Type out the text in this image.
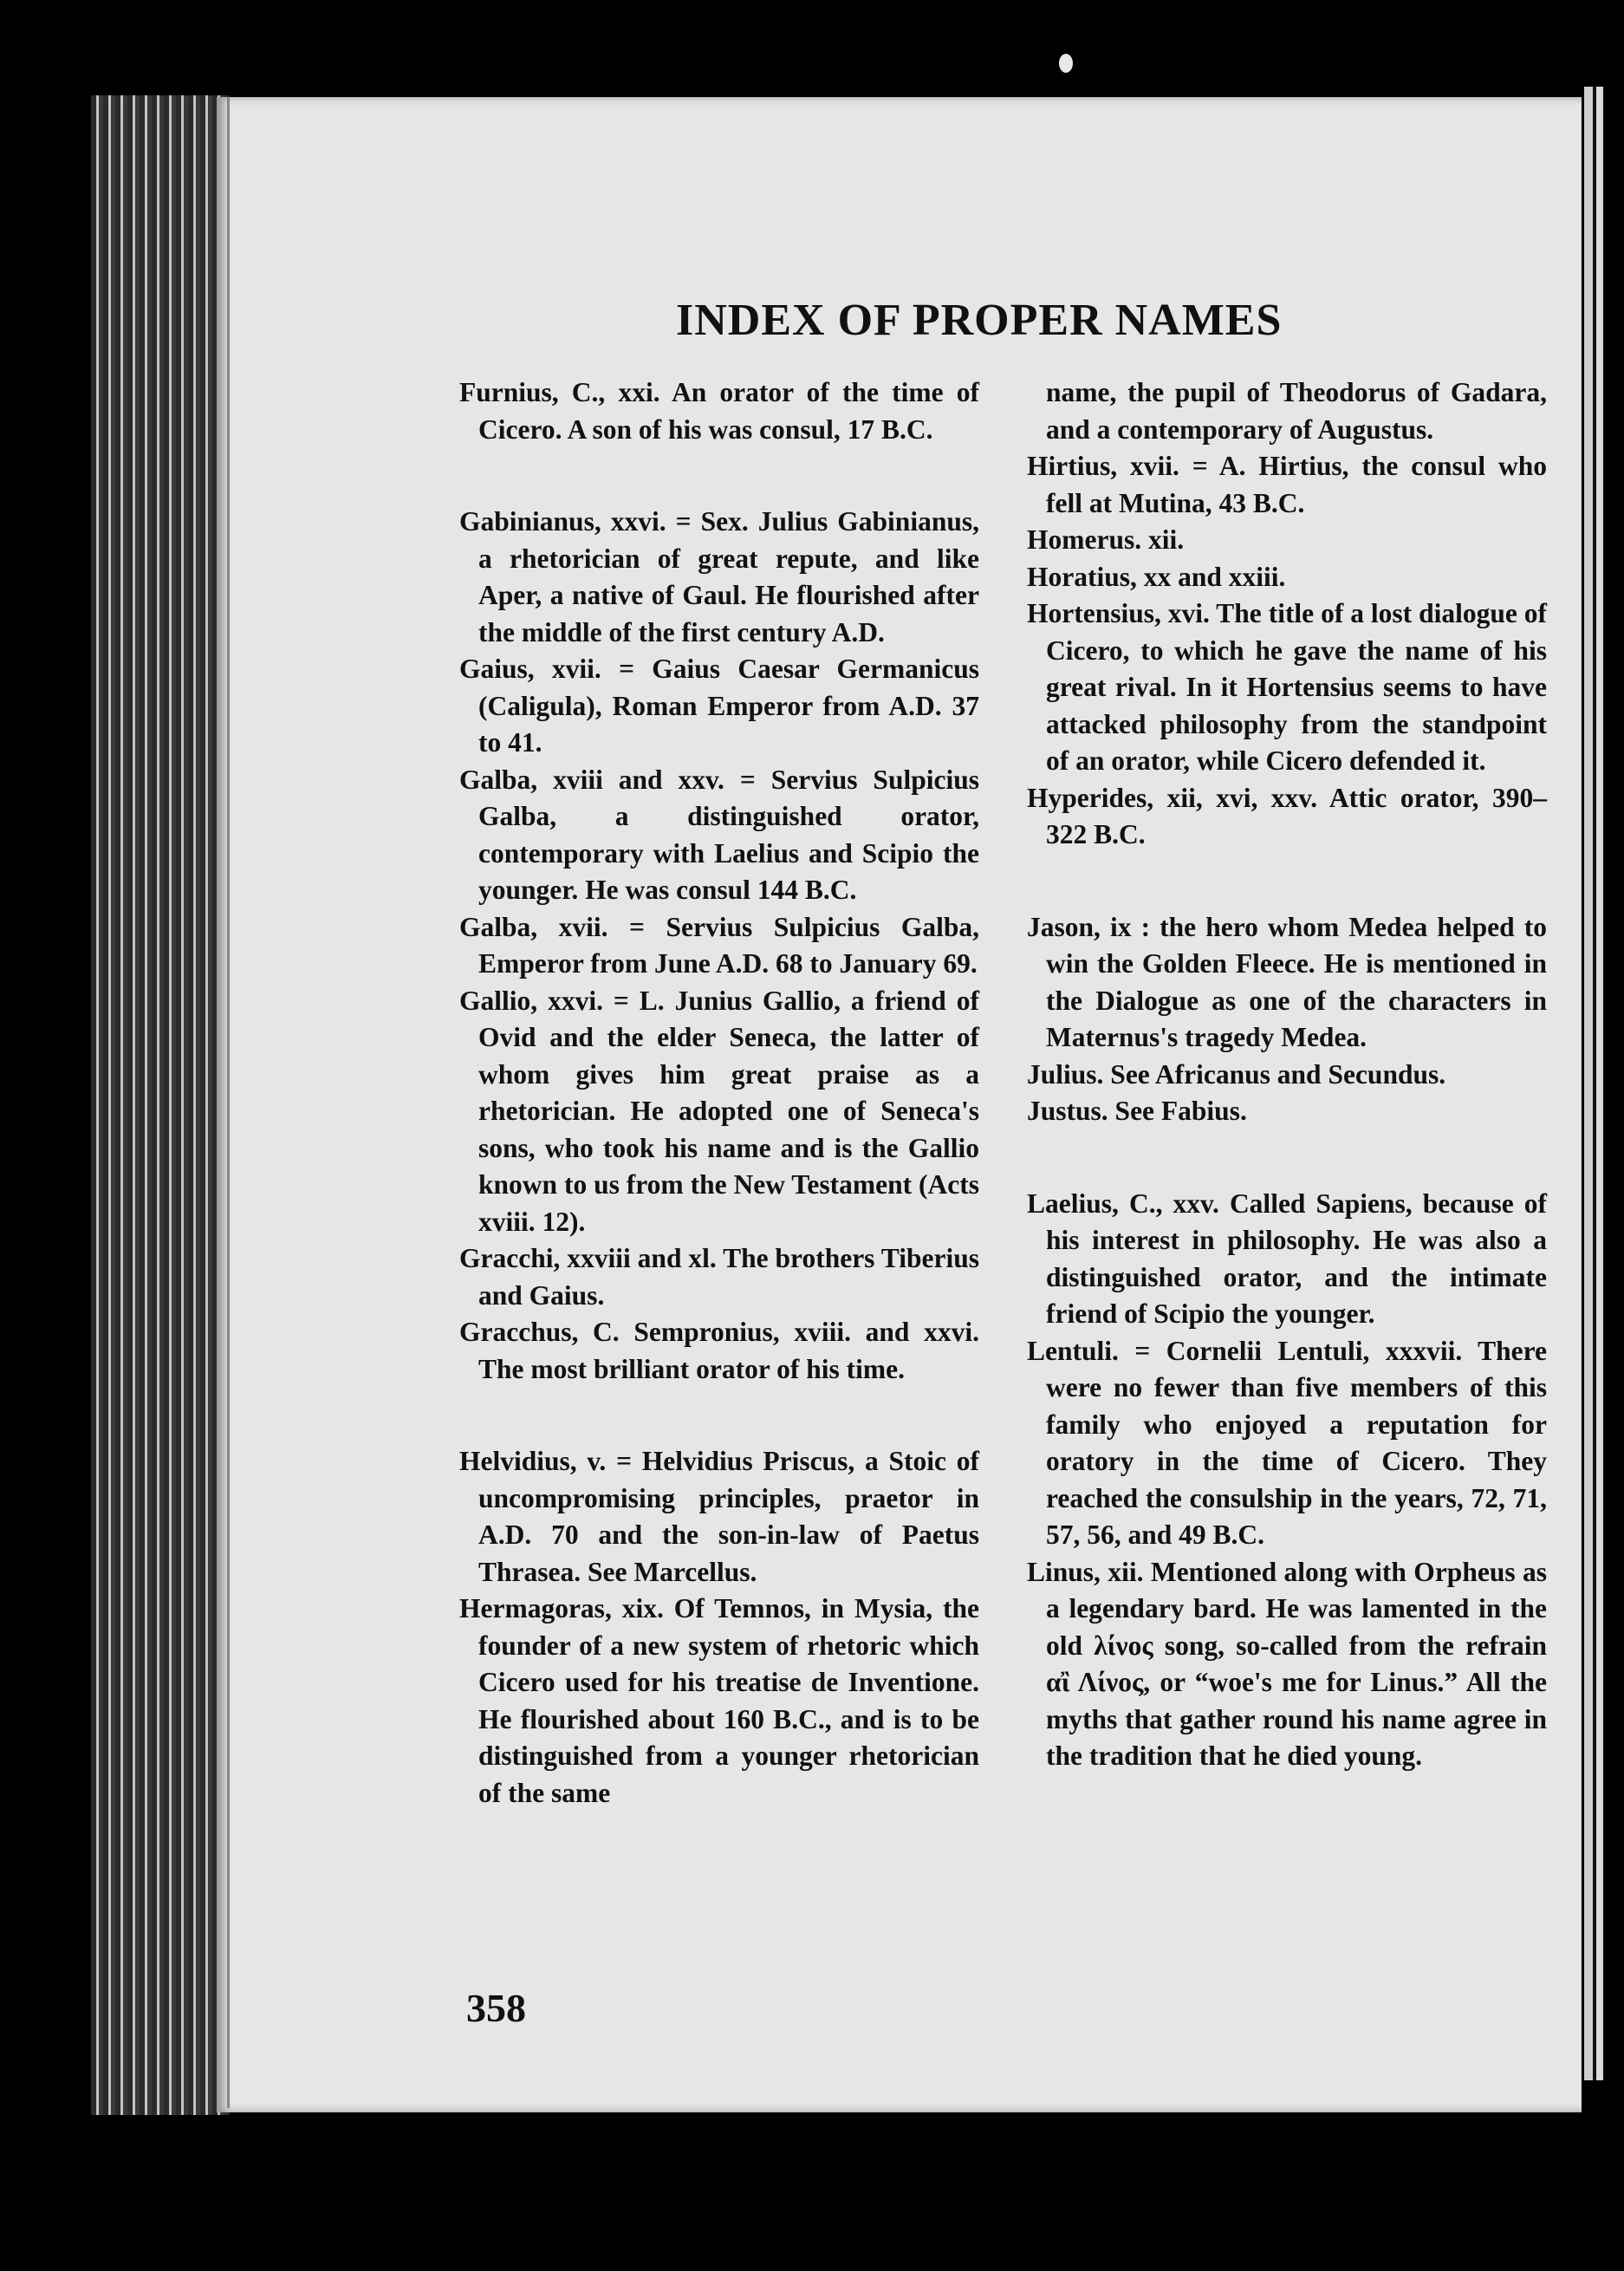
INDEX OF PROPER NAMES

Furnius, C., xxi. An orator of the time of Cicero. A son of his was consul, 17 B.C.

Gabinianus, xxvi. = Sex. Julius Gabinianus, a rhetorician of great repute, and like Aper, a native of Gaul. He flourished after the middle of the first century A.D.

Gaius, xvii. = Gaius Caesar Germanicus (Caligula), Roman Emperor from A.D. 37 to 41.

Galba, xviii and xxv. = Servius Sulpicius Galba, a distinguished orator, contemporary with Laelius and Scipio the younger. He was consul 144 B.C.

Galba, xvii. = Servius Sulpicius Galba, Emperor from June A.D. 68 to January 69.

Gallio, xxvi. = L. Junius Gallio, a friend of Ovid and the elder Seneca, the latter of whom gives him great praise as a rhetorician. He adopted one of Seneca's sons, who took his name and is the Gallio known to us from the New Testament (Acts xviii. 12).

Gracchi, xxviii and xl. The brothers Tiberius and Gaius.

Gracchus, C. Sempronius, xviii. and xxvi. The most brilliant orator of his time.

Helvidius, v. = Helvidius Priscus, a Stoic of uncompromising principles, praetor in A.D. 70 and the son-in-law of Paetus Thrasea. See Marcellus.

Hermagoras, xix. Of Temnos, in Mysia, the founder of a new system of rhetoric which Cicero used for his treatise de Inventione. He flourished about 160 B.C., and is to be distinguished from a younger rhetorician of the same

name, the pupil of Theodorus of Gadara, and a contemporary of Augustus.

Hirtius, xvii. = A. Hirtius, the consul who fell at Mutina, 43 B.C.

Homerus. xii.

Horatius, xx and xxiii.

Hortensius, xvi. The title of a lost dialogue of Cicero, to which he gave the name of his great rival. In it Hortensius seems to have attacked philosophy from the standpoint of an orator, while Cicero defended it.

Hyperides, xii, xvi, xxv. Attic orator, 390–322 B.C.

Jason, ix : the hero whom Medea helped to win the Golden Fleece. He is mentioned in the Dialogue as one of the characters in Maternus's tragedy Medea.

Julius. See Africanus and Secundus.

Justus. See Fabius.

Laelius, C., xxv. Called Sapiens, because of his interest in philosophy. He was also a distinguished orator, and the intimate friend of Scipio the younger.

Lentuli. = Cornelii Lentuli, xxxvii. There were no fewer than five members of this family who enjoyed a reputation for oratory in the time of Cicero. They reached the consulship in the years, 72, 71, 57, 56, and 49 B.C.

Linus, xii. Mentioned along with Orpheus as a legendary bard. He was lamented in the old λίνος song, so-called from the refrain αἲ Λίνος, or “woe's me for Linus.” All the myths that gather round his name agree in the tradition that he died young.

358
